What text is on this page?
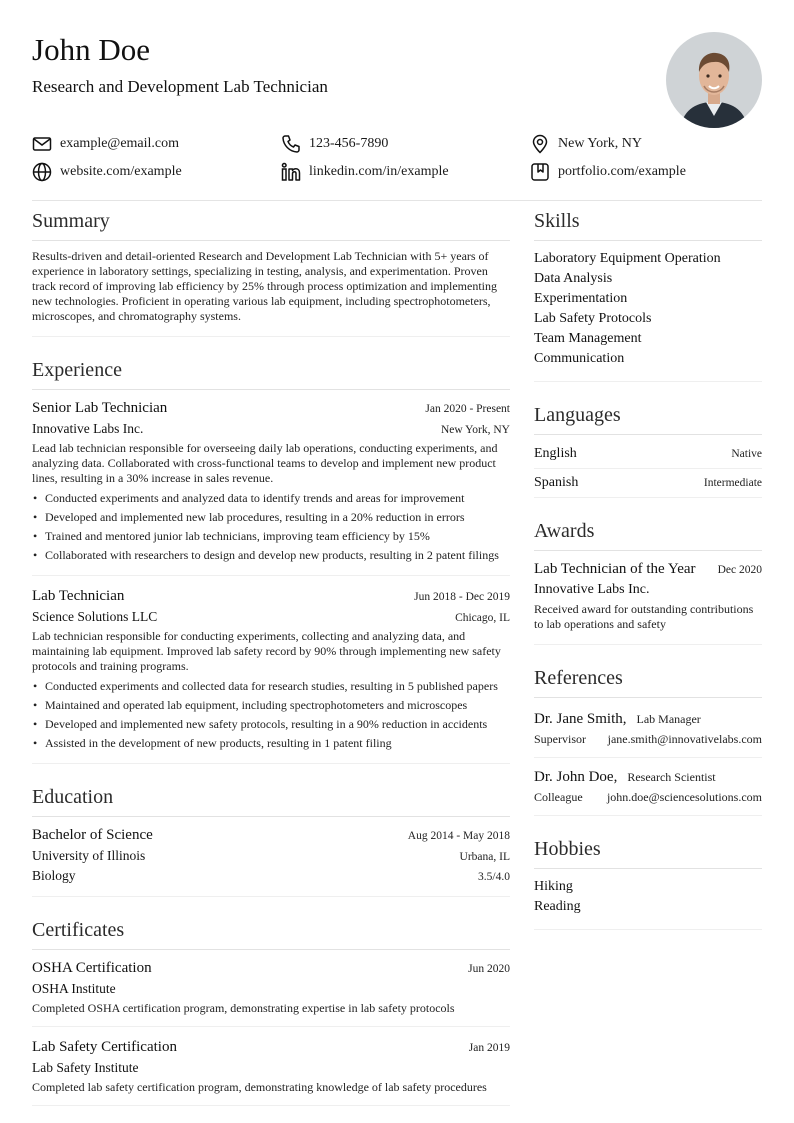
John Doe
Research and Development Lab Technician
example@email.com	123-456-7890	New York, NY
website.com/example	linkedin.com/in/example	portfolio.com/example
Summary
Results-driven and detail-oriented Research and Development Lab Technician with 5+ years of experience in laboratory settings, specializing in testing, analysis, and experimentation. Proven track record of improving lab efficiency by 25% through process optimization and implementing new technologies. Proficient in operating various lab equipment, including spectrophotometers, microscopes, and chromatography systems.
Experience
Senior Lab Technician	Jan 2020 - Present
Innovative Labs Inc.	New York, NY
Lead lab technician responsible for overseeing daily lab operations, conducting experiments, and analyzing data. Collaborated with cross-functional teams to develop and implement new product lines, resulting in a 30% increase in sales revenue.
• Conducted experiments and analyzed data to identify trends and areas for improvement
• Developed and implemented new lab procedures, resulting in a 20% reduction in errors
• Trained and mentored junior lab technicians, improving team efficiency by 15%
• Collaborated with researchers to design and develop new products, resulting in 2 patent filings
Lab Technician	Jun 2018 - Dec 2019
Science Solutions LLC	Chicago, IL
Lab technician responsible for conducting experiments, collecting and analyzing data, and maintaining lab equipment. Improved lab safety record by 90% through implementing new safety protocols and training programs.
• Conducted experiments and collected data for research studies, resulting in 5 published papers
• Maintained and operated lab equipment, including spectrophotometers and microscopes
• Developed and implemented new safety protocols, resulting in a 90% reduction in accidents
• Assisted in the development of new products, resulting in 1 patent filing
Education
Bachelor of Science	Aug 2014 - May 2018
University of Illinois	Urbana, IL
Biology	3.5/4.0
Certificates
OSHA Certification	Jun 2020
OSHA Institute
Completed OSHA certification program, demonstrating expertise in lab safety protocols
Lab Safety Certification	Jan 2019
Lab Safety Institute
Completed lab safety certification program, demonstrating knowledge of lab safety procedures
Skills
Laboratory Equipment Operation
Data Analysis
Experimentation
Lab Safety Protocols
Team Management
Communication
Languages
English	Native
Spanish	Intermediate
Awards
Lab Technician of the Year Dec 2020
Innovative Labs Inc.
Received award for outstanding contributions to lab operations and safety
References
Dr. Jane Smith, Lab Manager
Supervisor jane.smith@innovativelabs.com
Dr. John Doe, Research Scientist
Colleague john.doe@sciencesolutions.com
Hobbies
Hiking
Reading
